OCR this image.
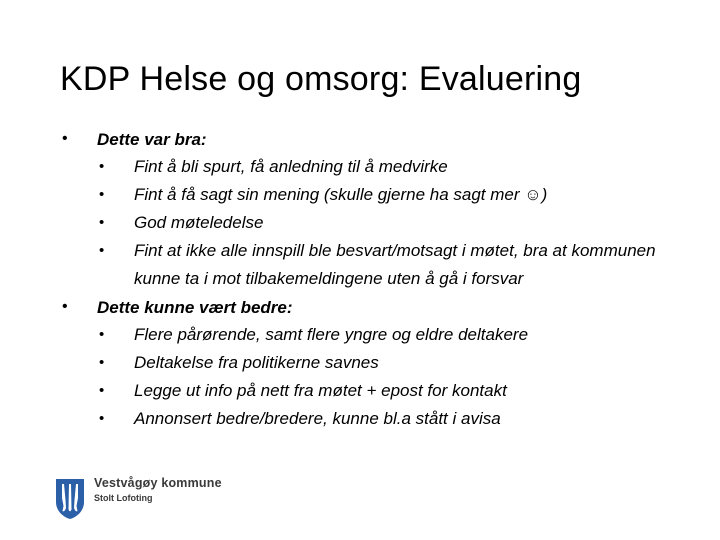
KDP Helse og omsorg: Evaluering
• Dette var bra:
• Fint å bli spurt, få anledning til å medvirke
• Fint å få sagt sin mening (skulle gjerne ha sagt mer ☺)
• God møteledelse
• Fint at ikke alle innspill ble besvart/motsagt i møtet, bra at kommunen kunne ta i mot tilbakemeldingene uten å gå i forsvar
• Dette kunne vært bedre:
• Flere pårørende, samt flere yngre og eldre deltakere
• Deltakelse fra politikerne savnes
• Legge ut info på nett fra møtet + epost for kontakt
• Annonsert bedre/bredere, kunne bl.a stått i avisa
Vestvågøy kommune
Stolt Lofoting
